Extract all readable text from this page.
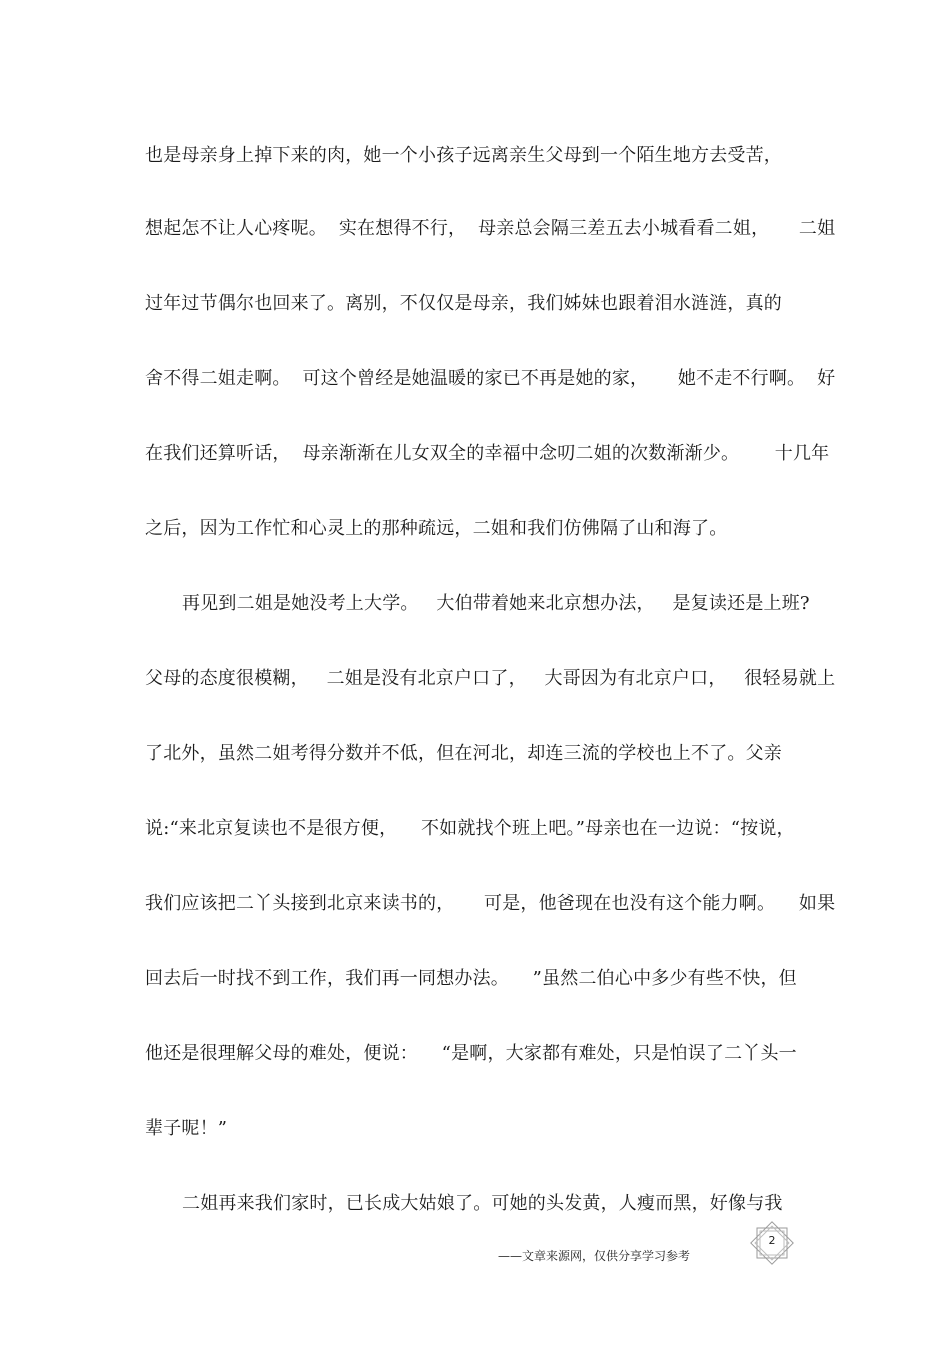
也是母亲身上掉下来的肉，她一个小孩子远离亲生父母到一个陌生地方去受苦，
想起怎不让人心疼呢。  实在想得不行，  母亲总会隔三差五去小城看看二姐，     二姐
过年过节偶尔也回来了。离别，不仅仅是母亲，我们姊妹也跟着泪水涟涟，真的
舍不得二姐走啊。  可这个曾经是她温暖的家已不再是她的家，     她不走不行啊。  好
在我们还算听话，  母亲渐渐在儿女双全的幸福中念叨二姐的次数渐渐少。      十几年
之后，因为工作忙和心灵上的那种疏远，二姐和我们仿佛隔了山和海了。
再见到二姐是她没考上大学。   大伯带着她来北京想办法，   是复读还是上班?
父母的态度很模糊，   二姐是没有北京户口了，   大哥因为有北京户口，   很轻易就上
了北外，虽然二姐考得分数并不低，但在河北，却连三流的学校也上不了。父亲
说:“来北京复读也不是很方便，    不如就找个班上吧。”母亲也在一边说：“按说，
我们应该把二丫头接到北京来读书的，     可是，他爸现在也没有这个能力啊。    如果
回去后一时找不到工作，我们再一同想办法。    ”虽然二伯心中多少有些不快，但
他还是很理解父母的难处，便说：    “是啊，大家都有难处，只是怕误了二丫头一
辈子呢！”
二姐再来我们家时，已长成大姑娘了。可她的头发黄，人瘦而黑，好像与我
——文章来源网，仅供分享学习参考
2
